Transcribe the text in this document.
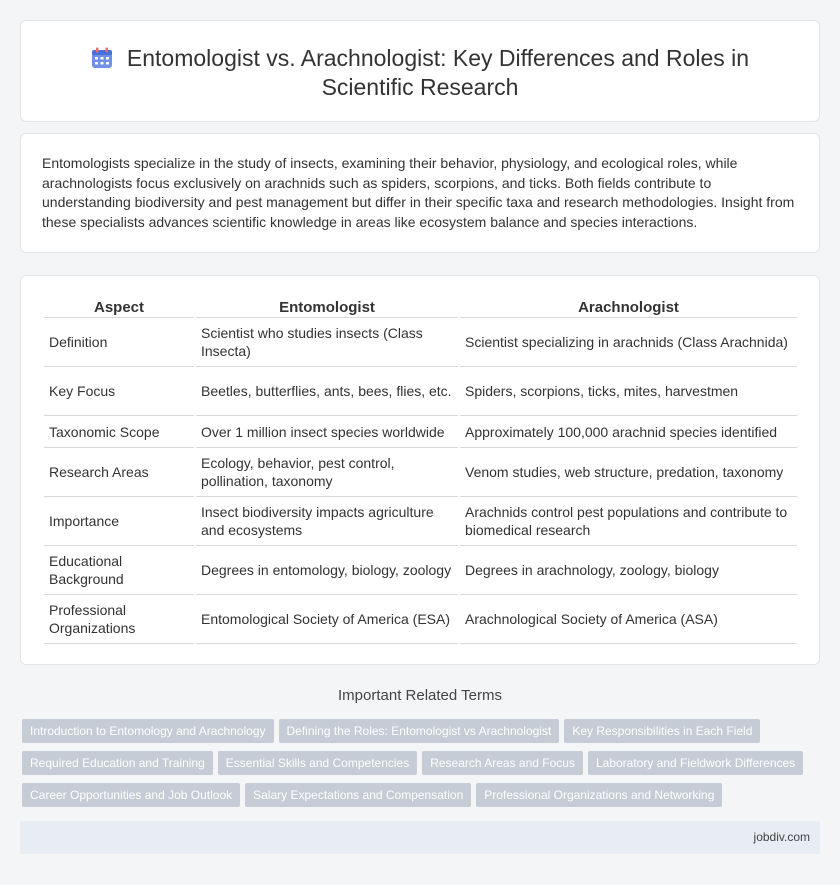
Entomologist vs. Arachnologist: Key Differences and Roles in
Scientific Research

Entomologists specialize in the study of insects, examining their behavior, physiology, and ecological roles, while arachnologists focus exclusively on arachnids such as spiders, scorpions, and ticks. Both fields contribute to understanding biodiversity and pest management but differ in their specific taxa and research methodologies. Insight from these specialists advances scientific knowledge in areas like ecosystem balance and species interactions.

Aspect	Entomologist	Arachnologist
Definition	Scientist who studies insects (Class Insecta)	Scientist specializing in arachnids (Class Arachnida)
Key Focus	Beetles, butterflies, ants, bees, flies, etc.	Spiders, scorpions, ticks, mites, harvestmen
Taxonomic Scope	Over 1 million insect species worldwide	Approximately 100,000 arachnid species identified
Research Areas	Ecology, behavior, pest control, pollination, taxonomy	Venom studies, web structure, predation, taxonomy
Importance	Insect biodiversity impacts agriculture and ecosystems	Arachnids control pest populations and contribute to biomedical research
Educational Background	Degrees in entomology, biology, zoology	Degrees in arachnology, zoology, biology
Professional Organizations	Entomological Society of America (ESA)	Arachnological Society of America (ASA)
Important Related Terms
Introduction to Entomology and Arachnology Defining the Roles: Entomologist vs Arachnologist Key Responsibilities in Each Field
Required Education and Training Essential Skills and Competencies Research Areas and Focus Laboratory and Fieldwork Differences
Career Opportunities and Job Outlook Salary Expectations and Compensation Professional Organizations and Networking
jobdiv.com
